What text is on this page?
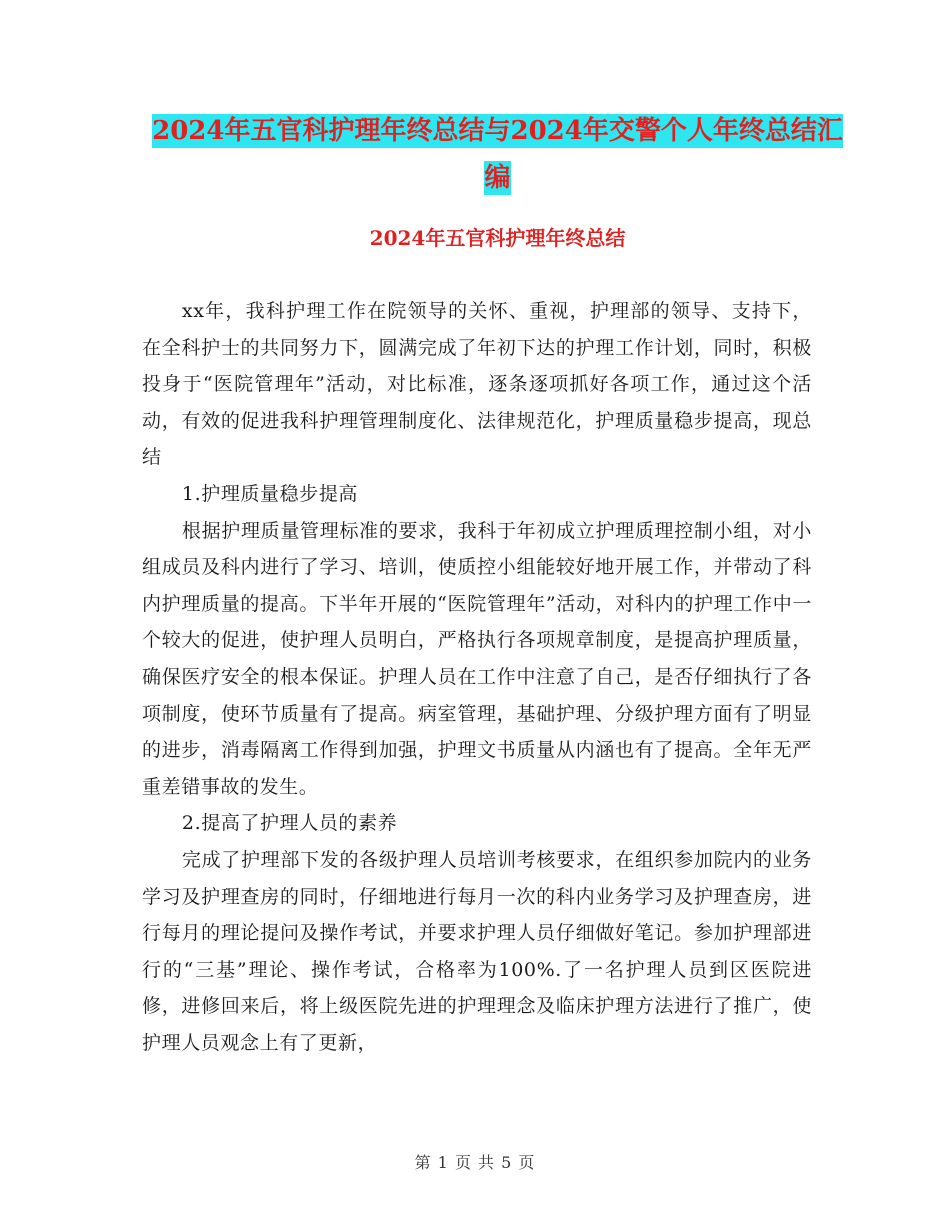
2024年五官科护理年终总结与2024年交警个人年终总结汇编
2024年五官科护理年终总结

xx年，我科护理工作在院领导的关怀、重视，护理部的领导、支持下，在全科护士的共同努力下，圆满完成了年初下达的护理工作计划，同时，积极投身于“医院管理年”活动，对比标准，逐条逐项抓好各项工作，通过这个活动，有效的促进我科护理管理制度化、法律规范化，护理质量稳步提高，现总结

1.护理质量稳步提高

根据护理质量管理标准的要求，我科于年初成立护理质理控制小组，对小组成员及科内进行了学习、培训，使质控小组能较好地开展工作，并带动了科内护理质量的提高。下半年开展的“医院管理年”活动，对科内的护理工作中一个较大的促进，使护理人员明白，严格执行各项规章制度，是提高护理质量，确保医疗安全的根本保证。护理人员在工作中注意了自己，是否仔细执行了各项制度，使环节质量有了提高。病室管理，基础护理、分级护理方面有了明显的进步，消毒隔离工作得到加强，护理文书质量从内涵也有了提高。全年无严重差错事故的发生。

2.提高了护理人员的素养

完成了护理部下发的各级护理人员培训考核要求，在组织参加院内的业务学习及护理查房的同时，仔细地进行每月一次的科内业务学习及护理查房，进行每月的理论提问及操作考试，并要求护理人员仔细做好笔记。参加护理部进行的“三基”理论、操作考试，合格率为100%.了一名护理人员到区医院进修，进修回来后，将上级医院先进的护理理念及临床护理方法进行了推广，使护理人员观念上有了更新，

第 1 页 共 5 页
